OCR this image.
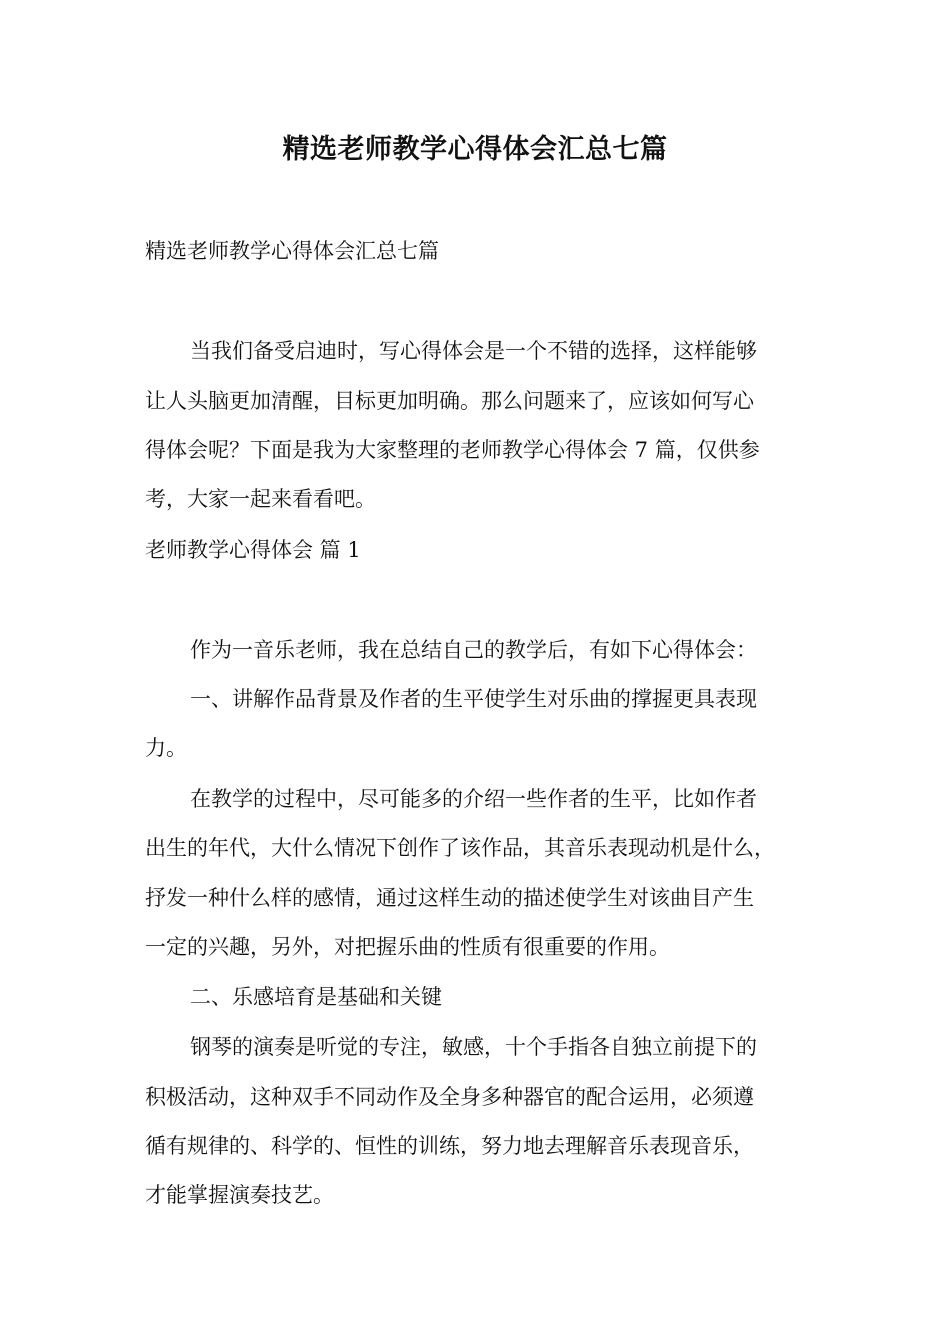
精选老师教学心得体会汇总七篇
精选老师教学心得体会汇总七篇
当我们备受启迪时，写心得体会是一个不错的选择，这样能够
让人头脑更加清醒，目标更加明确。那么问题来了，应该如何写心
得体会呢？下面是我为大家整理的老师教学心得体会 7 篇，仅供参
考，大家一起来看看吧。
老师教学心得体会 篇 1
作为一音乐老师，我在总结自己的教学后，有如下心得体会：
一、讲解作品背景及作者的生平使学生对乐曲的撑握更具表现
力。
在教学的过程中，尽可能多的介绍一些作者的生平，比如作者
出生的年代，大什么情况下创作了该作品，其音乐表现动机是什么，
抒发一种什么样的感情，通过这样生动的描述使学生对该曲目产生
一定的兴趣，另外，对把握乐曲的性质有很重要的作用。
二、乐感培育是基础和关键
钢琴的演奏是听觉的专注，敏感，十个手指各自独立前提下的
积极活动，这种双手不同动作及全身多种器官的配合运用，必须遵
循有规律的、科学的、恒性的训练，努力地去理解音乐表现音乐，
才能掌握演奏技艺。
